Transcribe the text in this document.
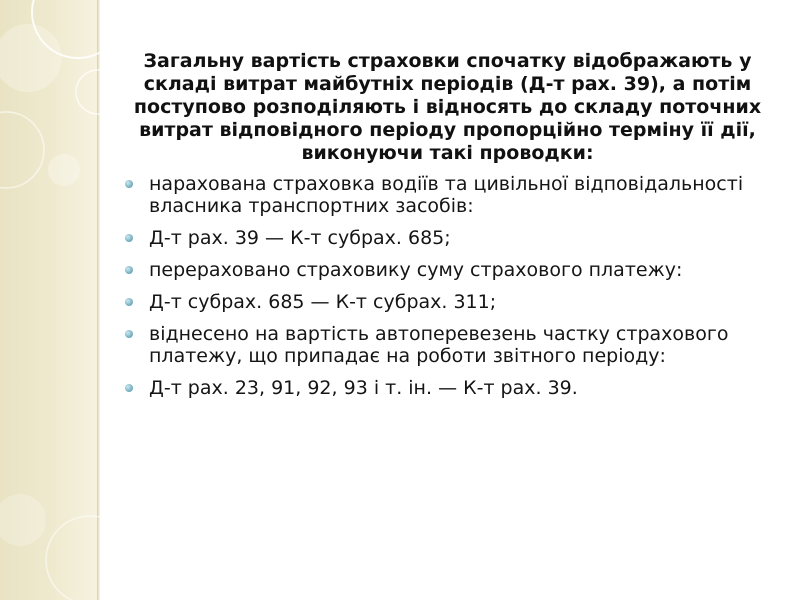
Загальну вартість страховки спочатку відображають у складі витрат майбутніх періодів (Д-т рах. 39), а потім поступово розподіляють і відносять до складу поточних витрат відповідного періоду пропорційно терміну її дії, виконуючи такі проводки:

нарахована страховка водіїв та цивільної відповідальності власника транспортних засобів:
Д-т рах. 39 — К-т субрах. 685;
перераховано страховику суму страхового платежу:
Д-т субрах. 685 — К-т субрах. 311;
віднесено на вартість автоперевезень частку страхового платежу, що припадає на роботи звітного періоду:
Д-т рах. 23, 91, 92, 93 і т. ін. — К-т рах. 39.
